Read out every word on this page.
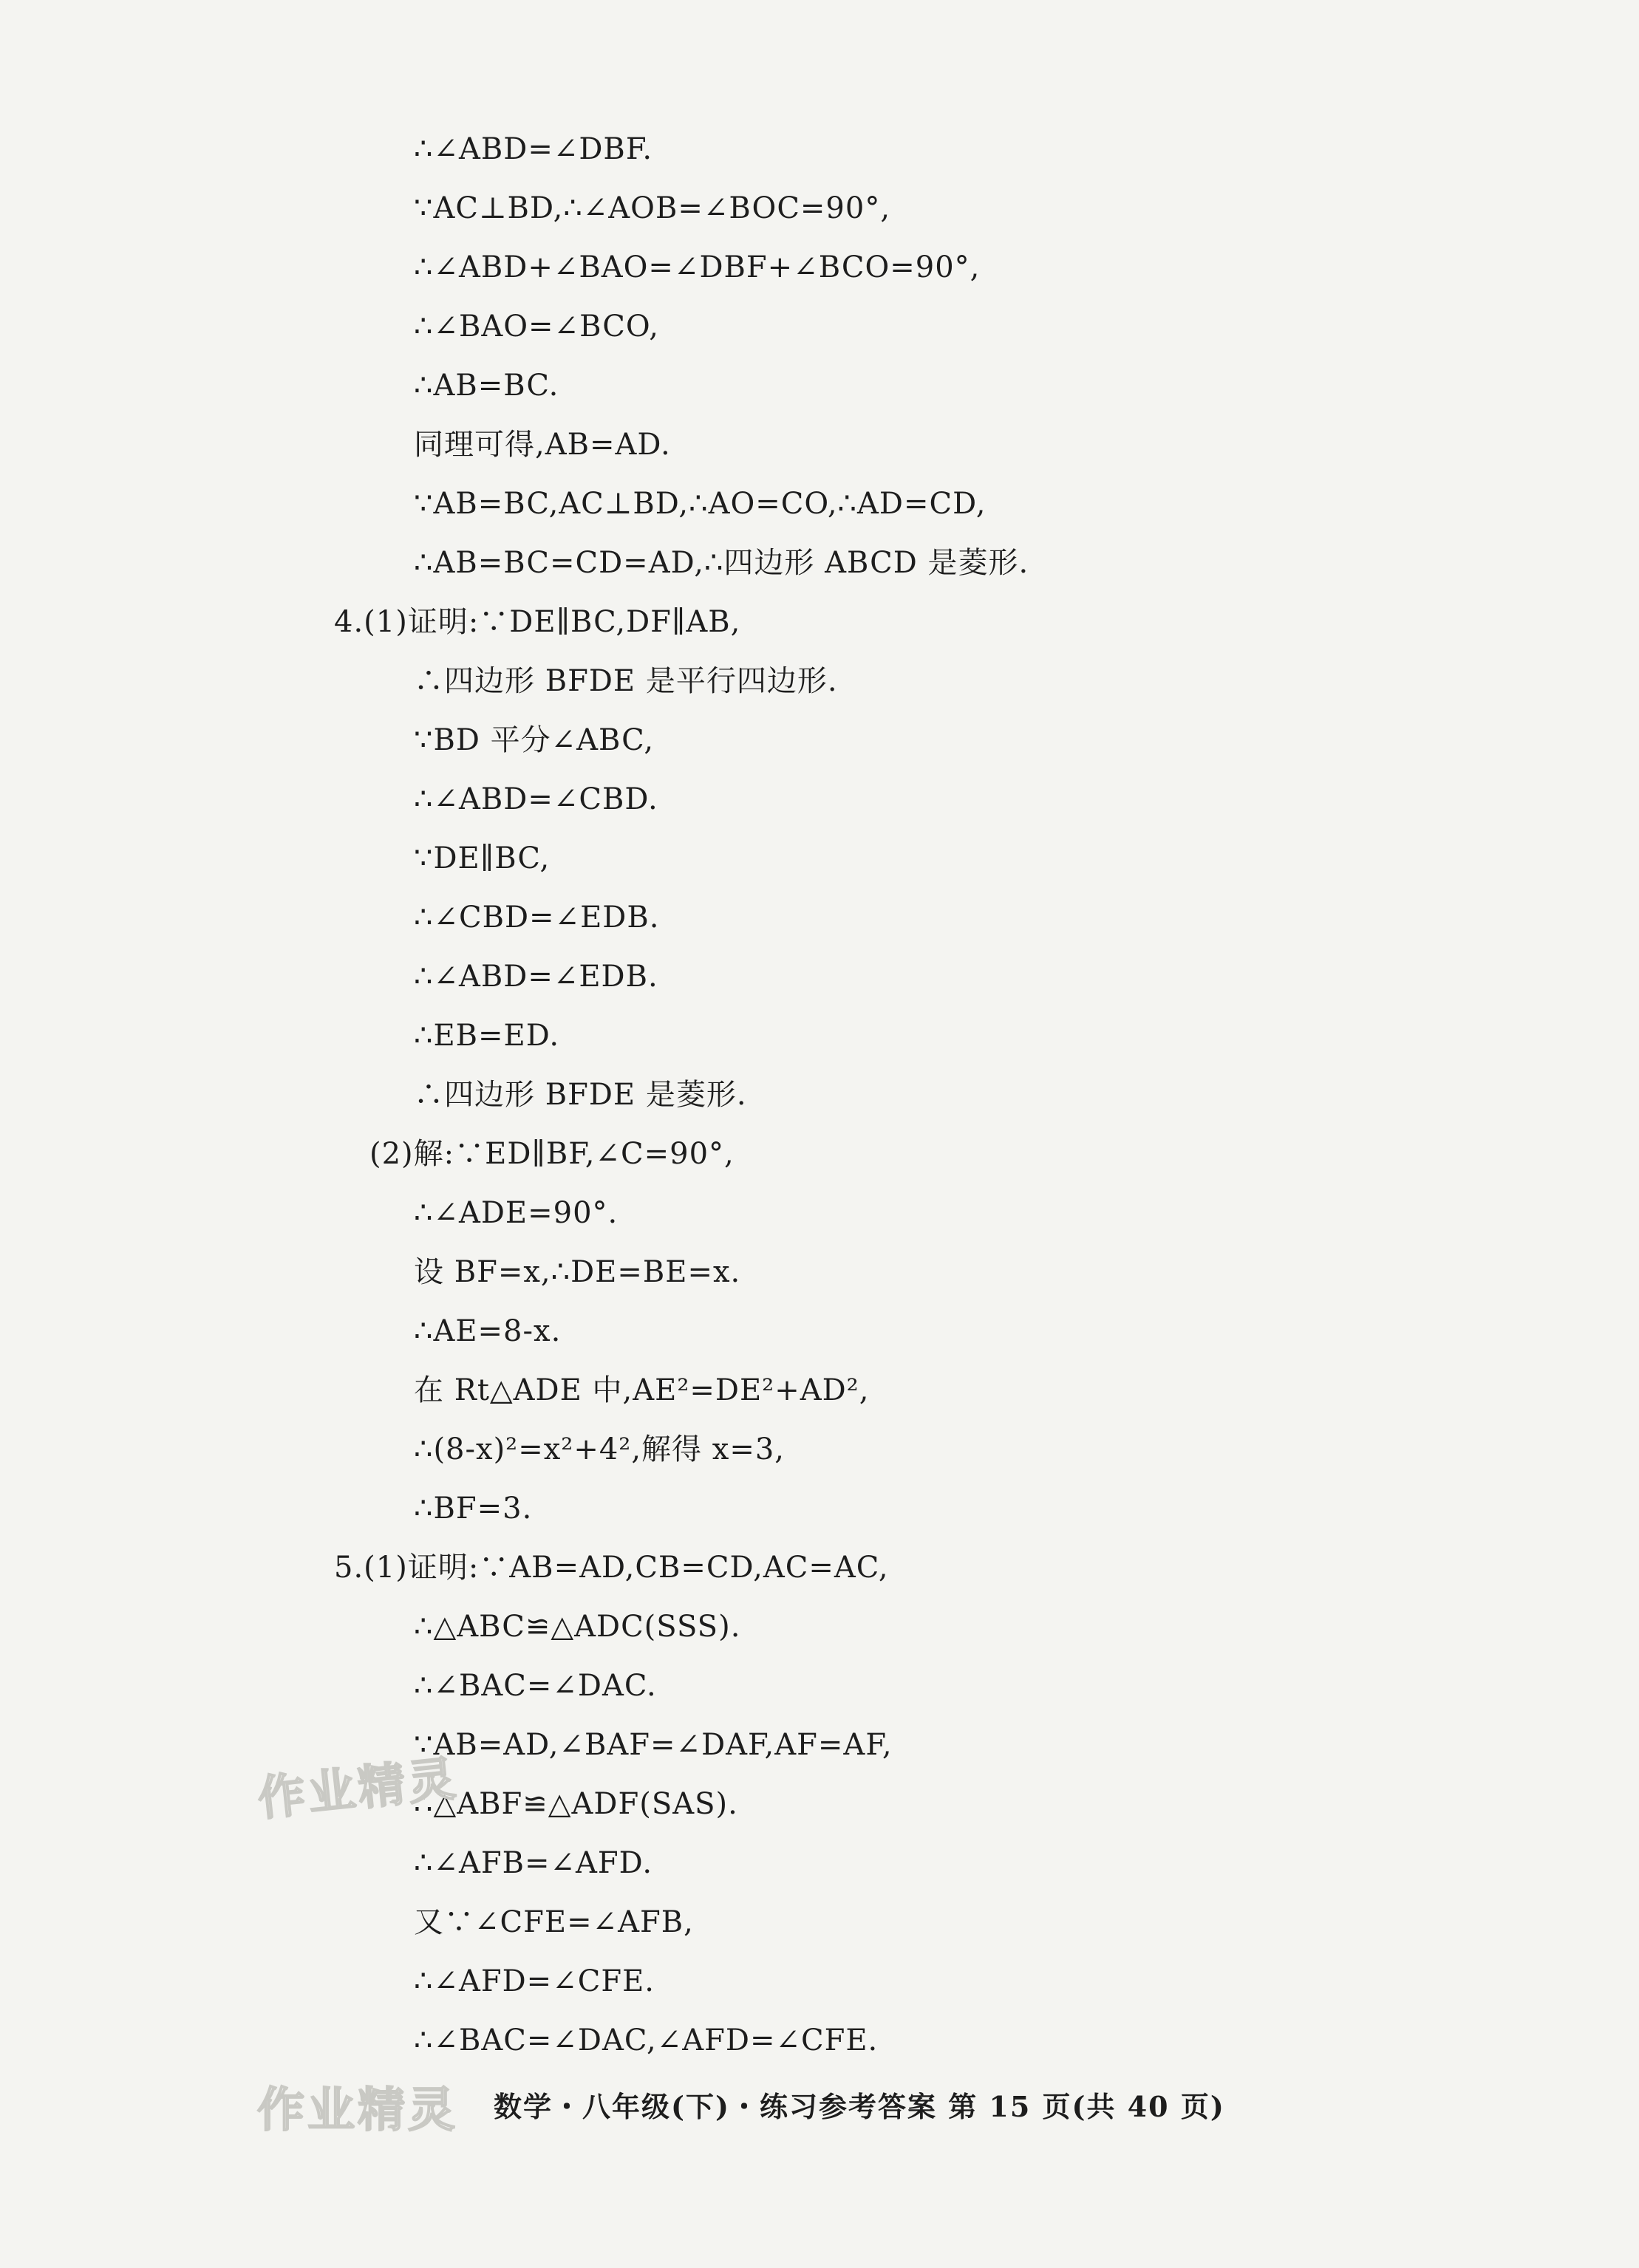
∴∠ABD=∠DBF.
∵AC⊥BD,∴∠AOB=∠BOC=90°,
∴∠ABD+∠BAO=∠DBF+∠BCO=90°,
∴∠BAO=∠BCO,
∴AB=BC.
同理可得,AB=AD.
∵AB=BC,AC⊥BD,∴AO=CO,∴AD=CD,
∴AB=BC=CD=AD,∴四边形 ABCD 是菱形.
4.(1)证明:∵DE∥BC,DF∥AB,
∴四边形 BFDE 是平行四边形.
∵BD 平分∠ABC,
∴∠ABD=∠CBD.
∵DE∥BC,
∴∠CBD=∠EDB.
∴∠ABD=∠EDB.
∴EB=ED.
∴四边形 BFDE 是菱形.
(2)解:∵ED∥BF,∠C=90°,
∴∠ADE=90°.
设 BF=x,∴DE=BE=x.
∴AE=8-x.
在 Rt△ADE 中,AE²=DE²+AD²,
∴(8-x)²=x²+4²,解得 x=3,
∴BF=3.
5.(1)证明:∵AB=AD,CB=CD,AC=AC,
∴△ABC≌△ADC(SSS).
∴∠BAC=∠DAC.
∵AB=AD,∠BAF=∠DAF,AF=AF,
∴△ABF≌△ADF(SAS).
∴∠AFB=∠AFD.
又∵∠CFE=∠AFB,
∴∠AFD=∠CFE.
∴∠BAC=∠DAC,∠AFD=∠CFE.
作业精灵
作业精灵 数学・八年级(下)・练习参考答案 第 15 页(共 40 页)
